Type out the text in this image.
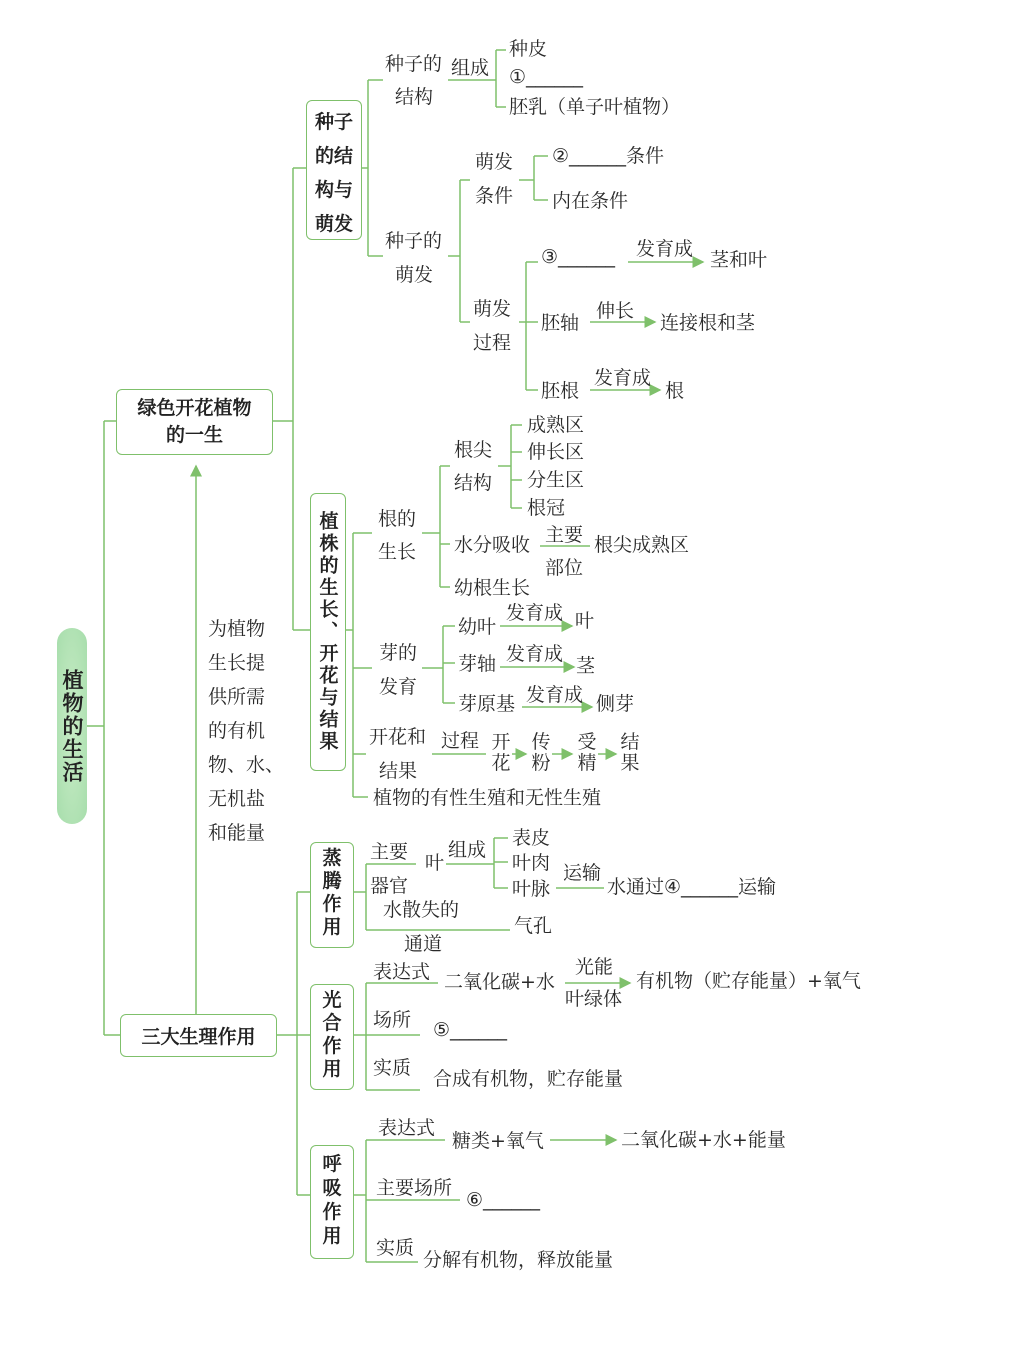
植物的生活
绿色开花植物
的一生
种子
的结
构与
萌发
种子的
结构
组成
种皮
①______
胚乳（单子叶植物）
种子的
萌发
萌发
条件
②______条件
内在条件
萌发
过程
③______ 发育成 茎和叶
胚轴
伸长
连接根和茎
胚根
发育成
根
植株的生长、开花与结果	根的
生长
根尖
结构
成熟区
伸长区
分生区
根冠
水分吸收 主要
部位
根尖成熟区
幼根生长
芽的
发育
幼叶
发育成 叶
芽轴 发育成
茎
芽原基 发育成 侧芽
开花和
结果
过程 开
花
传
粉
受
精
结
果
植物的有性生殖和无性生殖
为植物
生长提
供所需
的有机
物、水、
无机盐
和能量
三大生理作用
蒸
腾
作
用
主要
器官
叶
组成
表皮
叶肉
叶脉
运输
水通过④______运输
水散失的
通道
气孔
光
合
作
用
表达式 二氧化碳+水
光能
叶绿体
有机物（贮存能量）+氧气
场所 ⑤______
实质 合成有机物，贮存能量
呼
吸
作
用
表达式
糖类+氧气	二氧化碳+水+能量
主要场所
⑥______
实质
分解有机物，释放能量
